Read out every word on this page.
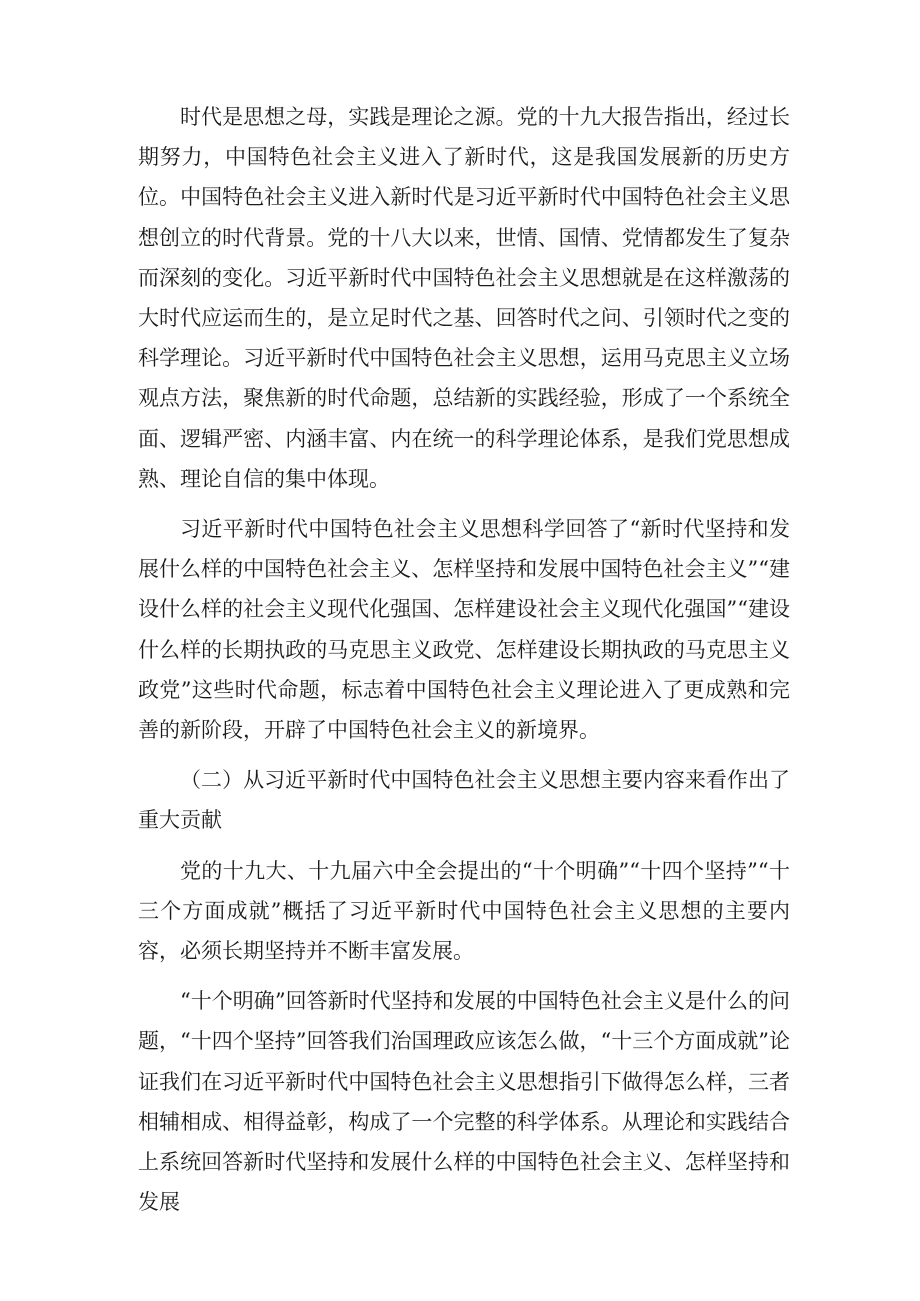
时代是思想之母，实践是理论之源。党的十九大报告指出，经过长期努力，中国特色社会主义进入了新时代，这是我国发展新的历史方位。中国特色社会主义进入新时代是习近平新时代中国特色社会主义思想创立的时代背景。党的十八大以来，世情、国情、党情都发生了复杂而深刻的变化。习近平新时代中国特色社会主义思想就是在这样激荡的大时代应运而生的，是立足时代之基、回答时代之问、引领时代之变的科学理论。习近平新时代中国特色社会主义思想，运用马克思主义立场观点方法，聚焦新的时代命题，总结新的实践经验，形成了一个系统全面、逻辑严密、内涵丰富、内在统一的科学理论体系，是我们党思想成熟、理论自信的集中体现。

习近平新时代中国特色社会主义思想科学回答了“新时代坚持和发展什么样的中国特色社会主义、怎样坚持和发展中国特色社会主义”“建设什么样的社会主义现代化强国、怎样建设社会主义现代化强国”“建设什么样的长期执政的马克思主义政党、怎样建设长期执政的马克思主义政党”这些时代命题，标志着中国特色社会主义理论进入了更成熟和完善的新阶段，开辟了中国特色社会主义的新境界。

（二）从习近平新时代中国特色社会主义思想主要内容来看作出了重大贡献

党的十九大、十九届六中全会提出的“十个明确”“十四个坚持”“十三个方面成就”概括了习近平新时代中国特色社会主义思想的主要内容，必须长期坚持并不断丰富发展。

“十个明确”回答新时代坚持和发展的中国特色社会主义是什么的问题，“十四个坚持”回答我们治国理政应该怎么做，“十三个方面成就”论证我们在习近平新时代中国特色社会主义思想指引下做得怎么样，三者相辅相成、相得益彰，构成了一个完整的科学体系。从理论和实践结合上系统回答新时代坚持和发展什么样的中国特色社会主义、怎样坚持和发展
